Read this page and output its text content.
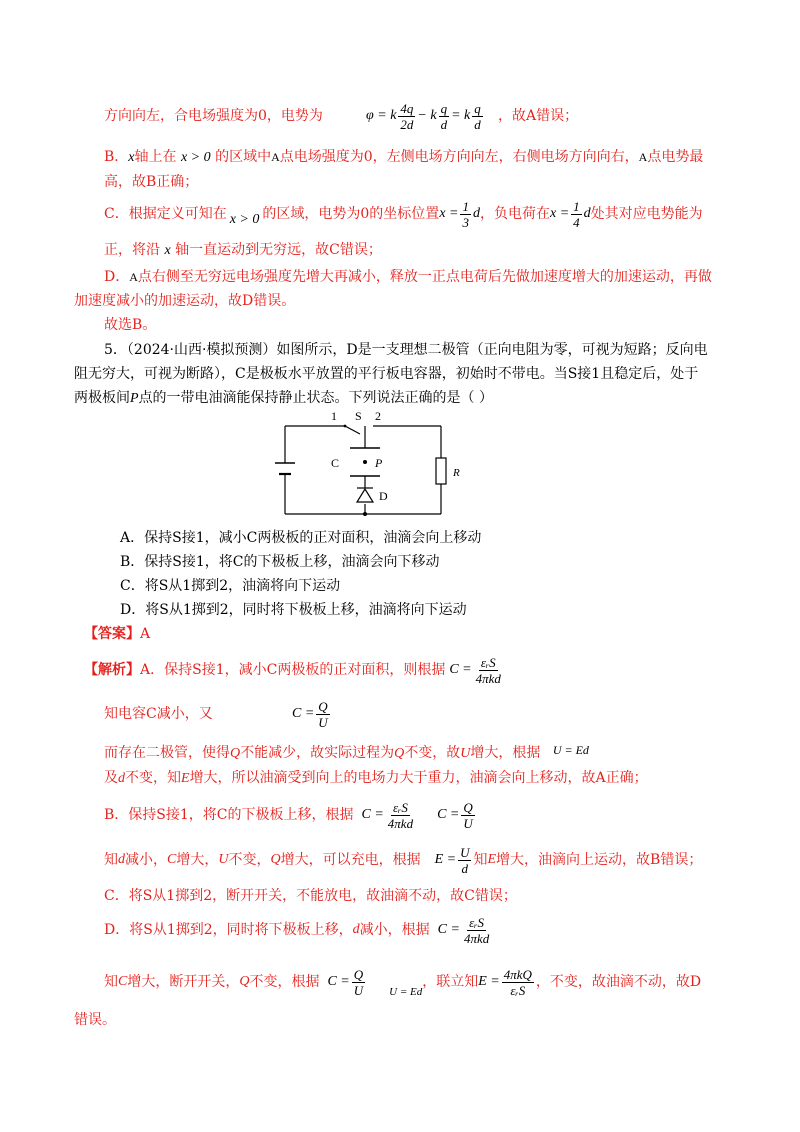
方向向左，合电场强度为0，电势为	φ = k $\frac{4q}{2d} - k \frac{q}{d} = k \frac{q}{d}$ ，故A错误；
B．x轴上在 x > 0 的区域中A点电场强度为0，左侧电场方向向左，右侧电场方向向右，A点电势最
高，故B正确；
C．根据定义可知在 x > 0 的区域，电势为0的坐标位置 $x = \frac{1}{3}$ d ，负电荷在 $x = \frac{1}{4}$ d 处其对应电势能为
正，将沿 x 轴一直运动到无穷远，故C错误；
D．A点右侧至无穷远电场强度先增大再减小，释放一正点电荷后先做加速度增大的加速运动，再做
加速度减小的加速运动，故D错误。
故选B。
5．（2024·山西·模拟预测）如图所示，D是一支理想二极管（正向电阻为零，可视为短路；反向电
阻无穷大，可视为断路），C是极板水平放置的平行板电容器，初始时不带电。当S接1且稳定后，处于
两极板间P点的一带电油滴能保持静止状态。下列说法正确的是（ ）
1 S 2
C	P
D
R
A．保持S接1，减小C两极板的正对面积，油滴会向上移动
B．保持S接1，将C的下极板上移，油滴会向下移动
C．将S从1掷到2，油滴将向下运动
D．将S从1掷到2，同时将下极板上移，油滴将向下运动
【答案】A
【解析】 A．保持S接1，减小C两极板的正对面积，则根据 $C = \frac{\text{εᵣS}}{\text{4πkd}}$
知电容C减小，又	$C = \frac{Q}{U}$
而存在二极管，使得Q不能减少，故实际过程为Q不变，故U增大，根据 U = Ed
及d不变，知E增大，所以油滴受到向上的电场力大于重力，油滴会向上移动，故A正确；
B．保持S接1，将C的下极板上移，根据 $C = \frac{\text{εᵣS}}{\text{4πkd}}$ $C = \frac{Q}{U}$
知 d 减小， C 增大， U 不变， Q 增大，可以充电，根据 $E = \frac{U}{d}$ 知 E 增大，油滴向上运动，故B错误；
C．将S从1掷到2，断开开关，不能放电，故油滴不动，故C错误；
D．将S从1掷到2，同时将下极板上移， d 减小，根据 $C = \frac{\text{εᵣS}}{\text{4πkd}}$
知 C 增大，断开开关， Q 不变，根据 $C = \frac{Q}{U}$ U = Ed
，联立知 $E = \frac{\text{4πkQ}}{\text{εᵣS}}$ ，不变，故油滴不动，故D
错误。
